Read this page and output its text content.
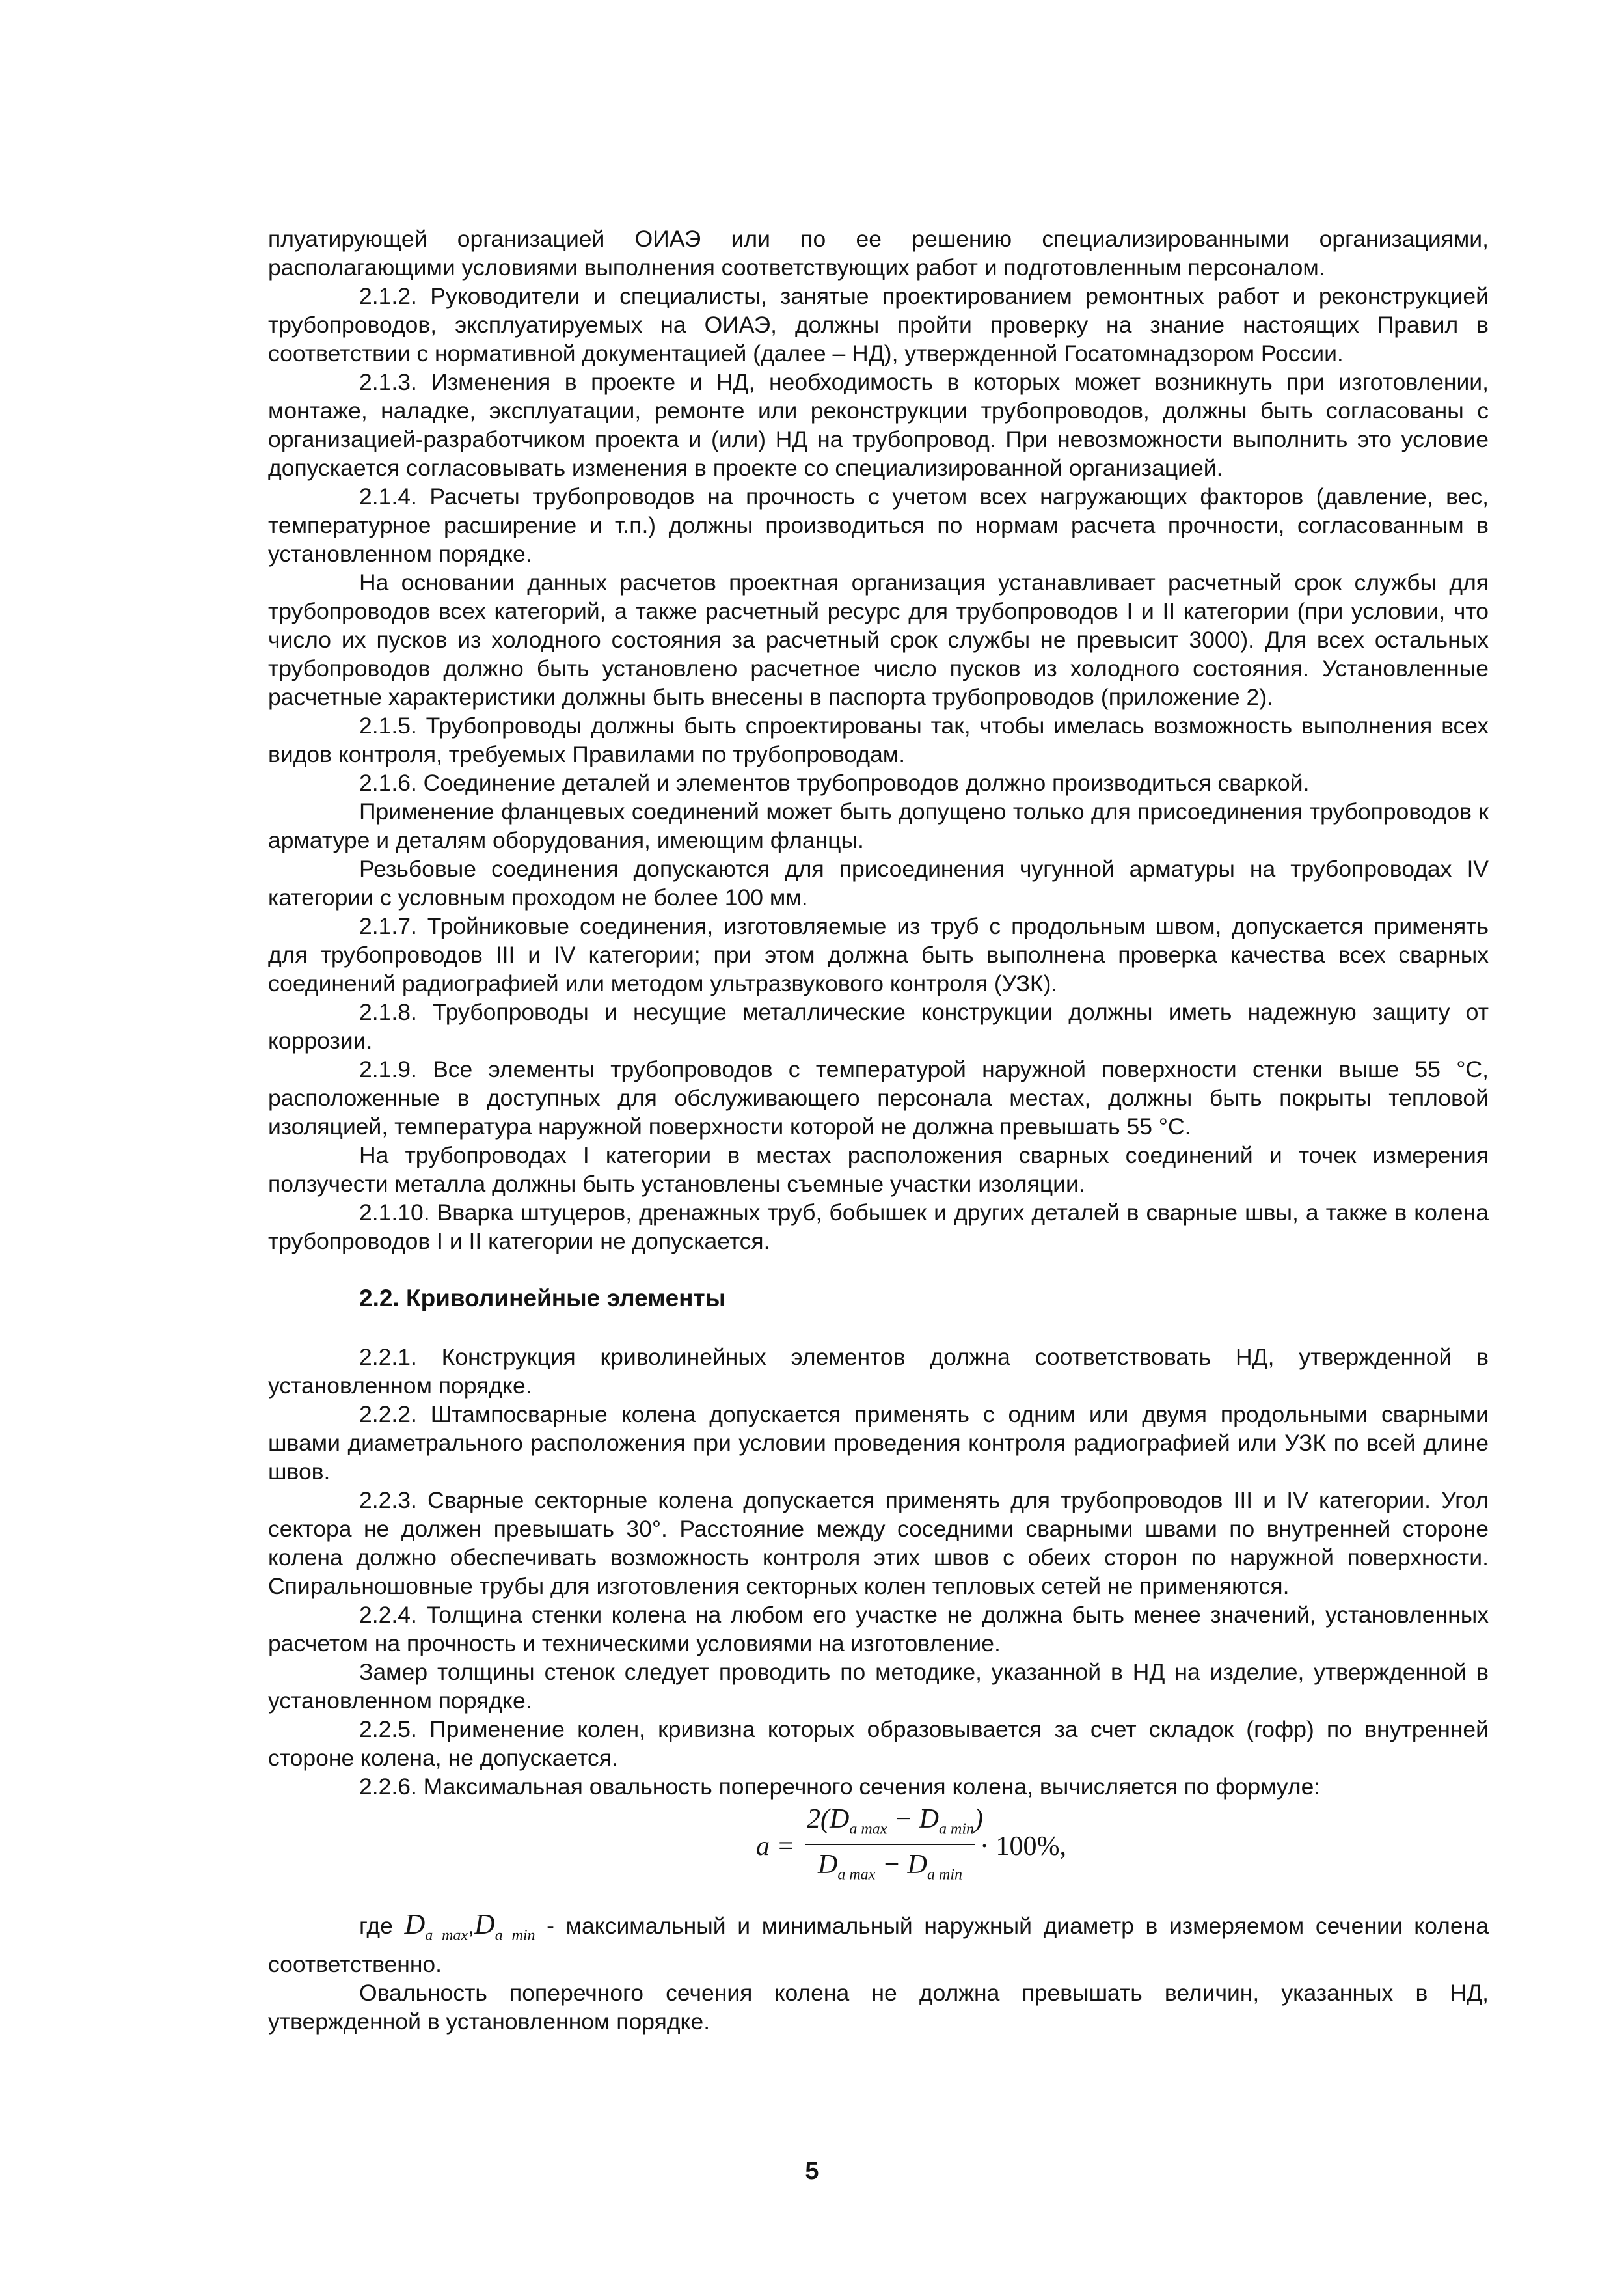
плуатирующей организацией ОИАЭ или по ее решению специализированными организациями, располагающими условиями выполнения соответствующих работ и подготовленным персоналом.

2.1.2. Руководители и специалисты, занятые проектированием ремонтных работ и реконструкцией трубопроводов, эксплуатируемых на ОИАЭ, должны пройти проверку на знание настоящих Правил в соответствии с нормативной документацией (далее – НД), утвержденной Госатомнадзором России.

2.1.3. Изменения в проекте и НД, необходимость в которых может возникнуть при изготовлении, монтаже, наладке, эксплуатации, ремонте или реконструкции трубопроводов, должны быть согласованы с организацией-разработчиком проекта и (или) НД на трубопровод. При невозможности выполнить это условие допускается согласовывать изменения в проекте со специализированной организацией.

2.1.4. Расчеты трубопроводов на прочность с учетом всех нагружающих факторов (давление, вес, температурное расширение и т.п.) должны производиться по нормам расчета прочности, согласованным в установленном порядке.

На основании данных расчетов проектная организация устанавливает расчетный срок службы для трубопроводов всех категорий, а также расчетный ресурс для трубопроводов I и II категории (при условии, что число их пусков из холодного состояния за расчетный срок службы не превысит 3000). Для всех остальных трубопроводов должно быть установлено расчетное число пусков из холодного состояния. Установленные расчетные характеристики должны быть внесены в паспорта трубопроводов (приложение 2).

2.1.5. Трубопроводы должны быть спроектированы так, чтобы имелась возможность выполнения всех видов контроля, требуемых Правилами по трубопроводам.

2.1.6. Соединение деталей и элементов трубопроводов должно производиться сваркой.

Применение фланцевых соединений может быть допущено только для присоединения трубопроводов к арматуре и деталям оборудования, имеющим фланцы.

Резьбовые соединения допускаются для присоединения чугунной арматуры на трубопроводах IV категории с условным проходом не более 100 мм.

2.1.7. Тройниковые соединения, изготовляемые из труб с продольным швом, допускается применять для трубопроводов III и IV категории; при этом должна быть выполнена проверка качества всех сварных соединений радиографией или методом ультразвукового контроля (УЗК).

2.1.8. Трубопроводы и несущие металлические конструкции должны иметь надежную защиту от коррозии.

2.1.9. Все элементы трубопроводов с температурой наружной поверхности стенки выше 55 °С, расположенные в доступных для обслуживающего персонала местах, должны быть покрыты тепловой изоляцией, температура наружной поверхности которой не должна превышать 55 °С.

На трубопроводах I категории в местах расположения сварных соединений и точек измерения ползучести металла должны быть установлены съемные участки изоляции.

2.1.10. Вварка штуцеров, дренажных труб, бобышек и других деталей в сварные швы, а также в колена трубопроводов I и II категории не допускается.

2.2. Криволинейные элементы

2.2.1. Конструкция криволинейных элементов должна соответствовать НД, утвержденной в установленном порядке.

2.2.2. Штампосварные колена допускается применять с одним или двумя продольными сварными швами диаметрального расположения при условии проведения контроля радиографией или УЗК по всей длине швов.

2.2.3. Сварные секторные колена допускается применять для трубопроводов III и IV категории. Угол сектора не должен превышать 30°. Расстояние между соседними сварными швами по внутренней стороне колена должно обеспечивать возможность контроля этих швов с обеих сторон по наружной поверхности. Спиральношовные трубы для изготовления секторных колен тепловых сетей не применяются.

2.2.4. Толщина стенки колена на любом его участке не должна быть менее значений, установленных расчетом на прочность и техническими условиями на изготовление.

Замер толщины стенок следует проводить по методике, указанной в НД на изделие, утвержденной в установленном порядке.

2.2.5. Применение колен, кривизна которых образовывается за счет складок (гофр) по внутренней стороне колена, не допускается.

2.2.6. Максимальная овальность поперечного сечения колена, вычисляется по формуле:

a =
$2(D_{a max} - D_{a min})$
$D_{a max} - D_{a min}$
· 100%,

где $D_{a max},D_{a min}$ - максимальный и минимальный наружный диаметр в измеряемом сечении колена соответственно.

Овальность поперечного сечения колена не должна превышать величин, указанных в НД, утвержденной в установленном порядке.

5
